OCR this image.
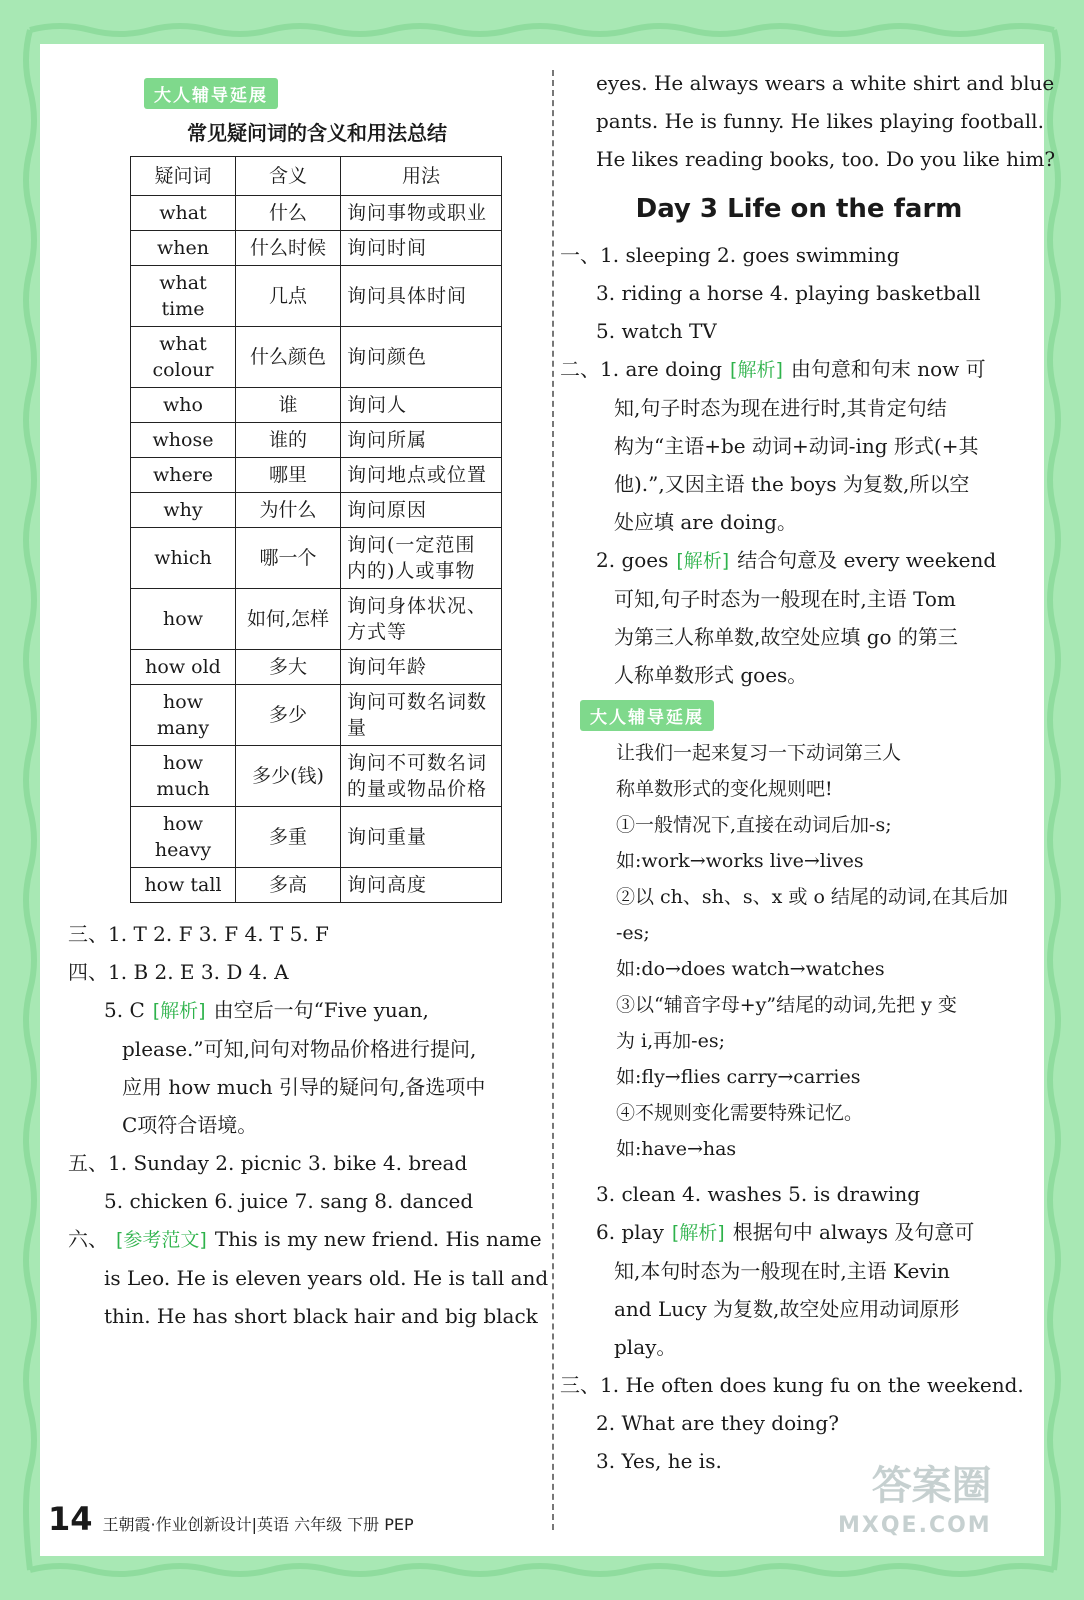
大人辅导延展
常见疑问词的含义和用法总结
疑问词	含义	用法
what	什么	询问事物或职业
when	什么时候	询问时间
what time	几点	询问具体时间
what colour	什么颜色	询问颜色
who	谁	询问人
whose	谁的	询问所属
where	哪里	询问地点或位置
why	为什么	询问原因
which	哪一个	询问(一定范围内的)人或事物
how	如何,怎样	询问身体状况、方式等
how old	多大	询问年龄
how many	多少	询问可数名词数量
how much	多少(钱)	询问不可数名词的量或物品价格
how heavy	多重	询问重量
how tall	多高	询问高度
三、1. T 2. F 3. F 4. T 5. F
四、1. B 2. E 3. D 4. A
5. C [解析] 由空后一句“Five yuan,
please.”可知,问句对物品价格进行提问,
应用 how much 引导的疑问句,备选项中
C项符合语境。
五、1. Sunday 2. picnic 3. bike 4. bread
5. chicken 6. juice 7. sang 8. danced
六、 [参考范文] This is my new friend. His name
is Leo. He is eleven years old. He is tall and
thin. He has short black hair and big black
eyes. He always wears a white shirt and blue
pants. He is funny. He likes playing football.
He likes reading books, too. Do you like him?
Day 3 Life on the farm
一、1. sleeping 2. goes swimming
3. riding a horse 4. playing basketball
5. watch TV
二、1. are doing [解析] 由句意和句末 now 可
知,句子时态为现在进行时,其肯定句结
构为“主语+be 动词+动词-ing 形式(+其
他).”,又因主语 the boys 为复数,所以空
处应填 are doing。
2. goes [解析] 结合句意及 every weekend
可知,句子时态为一般现在时,主语 Tom
为第三人称单数,故空处应填 go 的第三
人称单数形式 goes。
大人辅导延展
让我们一起来复习一下动词第三人
称单数形式的变化规则吧!
①一般情况下,直接在动词后加-s;
如:work→works live→lives
②以 ch、sh、s、x 或 o 结尾的动词,在其后加
-es;
如:do→does watch→watches
③以“辅音字母+y”结尾的动词,先把 y 变
为 i,再加-es;
如:fly→flies carry→carries
④不规则变化需要特殊记忆。
如:have→has
3. clean 4. washes 5. is drawing
6. play [解析] 根据句中 always 及句意可
知,本句时态为一般现在时,主语 Kevin
and Lucy 为复数,故空处应用动词原形
play。
三、1. He often does kung fu on the weekend.
2. What are they doing?
3. Yes, he is.
14 王朝霞·作业创新设计|英语 六年级 下册 PEP
答案圈
MXQE.COM
